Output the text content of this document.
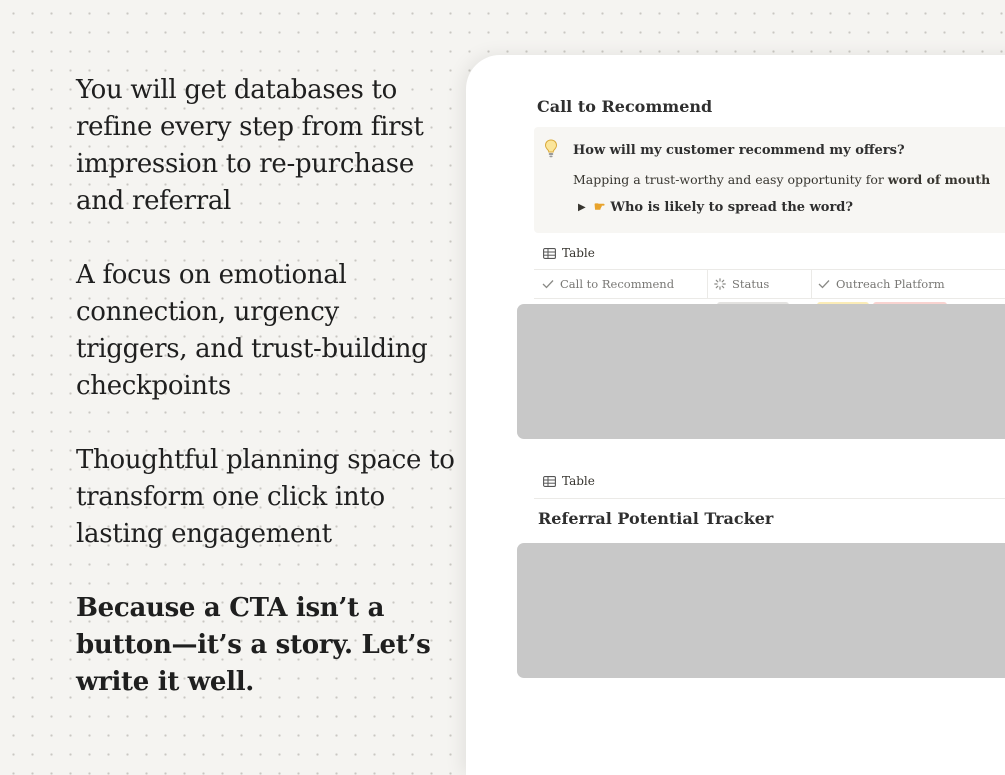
You will get databases to refine every step from first impression to re-purchase and referral

A focus on emotional connection, urgency triggers, and trust-building checkpoints

Thoughtful planning space to transform one click into lasting engagement

Because a CTA isn’t a button—it’s a story. Let’s write it well.

Call to Recommend
How will my customer recommend my offers?
Mapping a trust-worthy and easy opportunity for word of mouth
▶ ☛ Who is likely to spread the word?
Table
Call to Recommend	Status	Outreach Platform
Table
Referral Potential Tracker
